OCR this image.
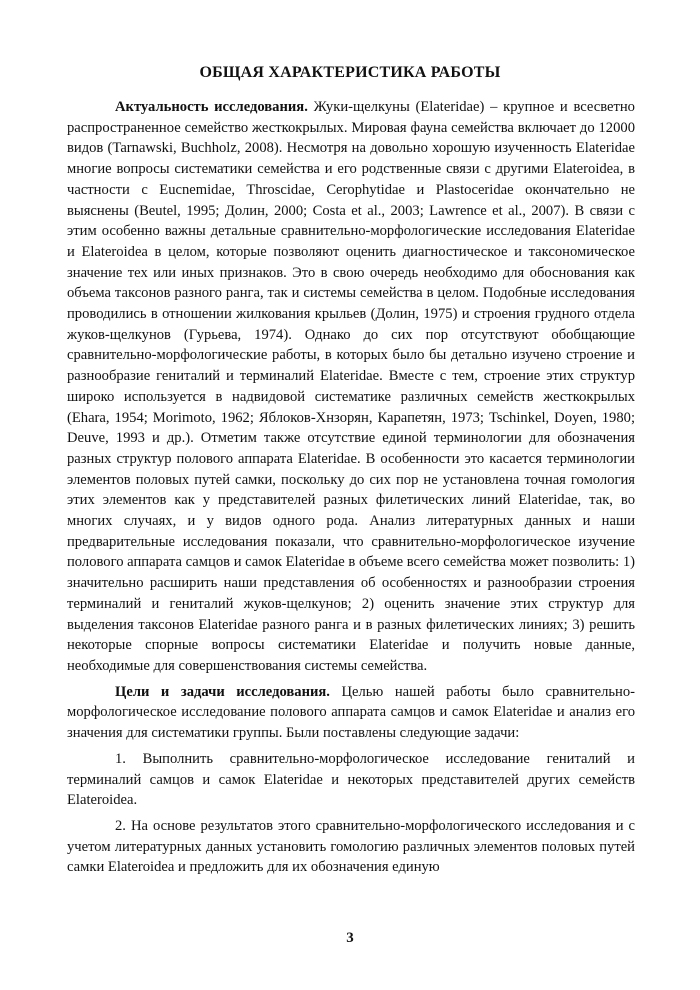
ОБЩАЯ ХАРАКТЕРИСТИКА РАБОТЫ

Актуальность исследования. Жуки-щелкуны (Elateridae) – крупное и всесветно распространенное семейство жесткокрылых. Мировая фауна семейства включает до 12000 видов (Tarnawski, Buchholz, 2008). Несмотря на довольно хорошую изученность Elateridae многие вопросы систематики семейства и его родственные связи с другими Elateroidea, в частности с Eucnemidae, Throscidae, Cerophytidae и Plastoceridae окончательно не выяснены (Beutel, 1995; Долин, 2000; Costa et al., 2003; Lawrence et al., 2007). В связи с этим особенно важны детальные сравнительно-морфологические исследования Elateridae и Elateroidea в целом, которые позволяют оценить диагностическое и таксономическое значение тех или иных признаков. Это в свою очередь необходимо для обоснования как объема таксонов разного ранга, так и системы семейства в целом. Подобные исследования проводились в отношении жилкования крыльев (Долин, 1975) и строения грудного отдела жуков-щелкунов (Гурьева, 1974). Однако до сих пор отсутствуют обобщающие сравнительно-морфологические работы, в которых было бы детально изучено строение и разнообразие гениталий и терминалий Elateridae. Вместе с тем, строение этих структур широко используется в надвидовой систематике различных семейств жесткокрылых (Ehara, 1954; Morimoto, 1962; Яблоков-Хнзорян, Карапетян, 1973; Tschinkel, Doyen, 1980; Deuve, 1993 и др.). Отметим также отсутствие единой терминологии для обозначения разных структур полового аппарата Elateridae. В особенности это касается терминологии элементов половых путей самки, поскольку до сих пор не установлена точная гомология этих элементов как у представителей разных филетических линий Elateridae, так, во многих случаях, и у видов одного рода. Анализ литературных данных и наши предварительные исследования показали, что сравнительно-морфологическое изучение полового аппарата самцов и самок Elateridae в объеме всего семейства может позволить: 1) значительно расширить наши представления об особенностях и разнообразии строения терминалий и гениталий жуков-щелкунов; 2) оценить значение этих структур для выделения таксонов Elateridae разного ранга и в разных филетических линиях; 3) решить некоторые спорные вопросы систематики Elateridae и получить новые данные, необходимые для совершенствования системы семейства.

Цели и задачи исследования. Целью нашей работы было сравнительно-морфологическое исследование полового аппарата самцов и самок Elateridae и анализ его значения для систематики группы. Были поставлены следующие задачи:

1. Выполнить сравнительно-морфологическое исследование гениталий и терминалий самцов и самок Elateridae и некоторых представителей других семейств Elateroidea.

2. На основе результатов этого сравнительно-морфологического исследования и с учетом литературных данных установить гомологию различных элементов половых путей самки Elateroidea и предложить для их обозначения единую

3
